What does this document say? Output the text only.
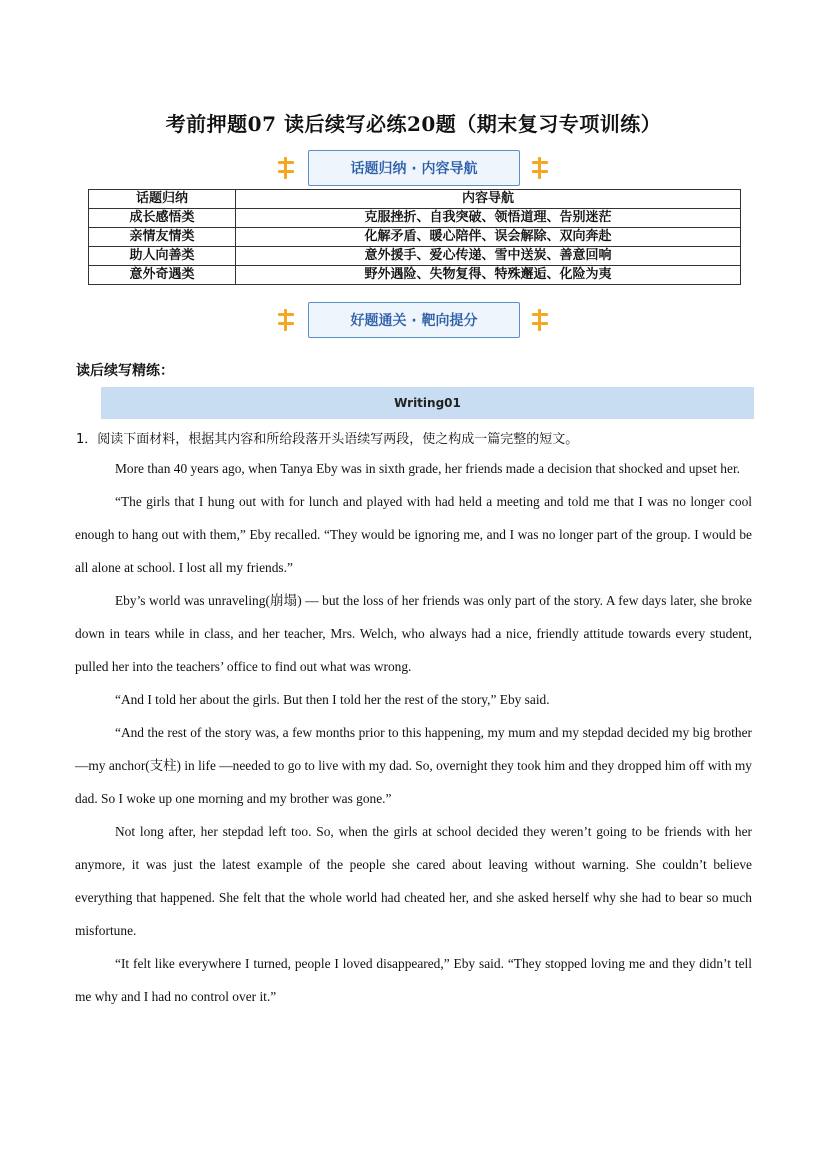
考前押题07 读后续写必练20题（期末复习专项训练）
话题归纳 · 内容导航
话题归纳	内容导航
成长感悟类	克服挫折、自我突破、领悟道理、告别迷茫
亲情友情类	化解矛盾、暖心陪伴、误会解除、双向奔赴
助人向善类	意外援手、爱心传递、雪中送炭、善意回响
意外奇遇类	野外遇险、失物复得、特殊邂逅、化险为夷
好题通关 · 靶向提分
读后续写精练：
Writing01
1．阅读下面材料，根据其内容和所给段落开头语续写两段，使之构成一篇完整的短文。

More than 40 years ago, when Tanya Eby was in sixth grade, her friends made a decision that shocked and upset her.

“The girls that I hung out with for lunch and played with had held a meeting and told me that I was no longer cool enough to hang out with them,” Eby recalled. “They would be ignoring me, and I was no longer part of the group. I would be all alone at school. I lost all my friends.”

Eby’s world was unraveling(崩塌) — but the loss of her friends was only part of the story. A few days later, she broke down in tears while in class, and her teacher, Mrs. Welch, who always had a nice, friendly attitude towards every student, pulled her into the teachers’ office to find out what was wrong.

“And I told her about the girls. But then I told her the rest of the story,” Eby said.

“And the rest of the story was, a few months prior to this happening, my mum and my stepdad decided my big brother—my anchor(支柱) in life —needed to go to live with my dad. So, overnight they took him and they dropped him off with my dad. So I woke up one morning and my brother was gone.”

Not long after, her stepdad left too. So, when the girls at school decided they weren’t going to be friends with her anymore, it was just the latest example of the people she cared about leaving without warning. She couldn’t believe everything that happened. She felt that the whole world had cheated her, and she asked herself why she had to bear so much misfortune.

“It felt like everywhere I turned, people I loved disappeared,” Eby said. “They stopped loving me and they didn’t tell me why and I had no control over it.”
